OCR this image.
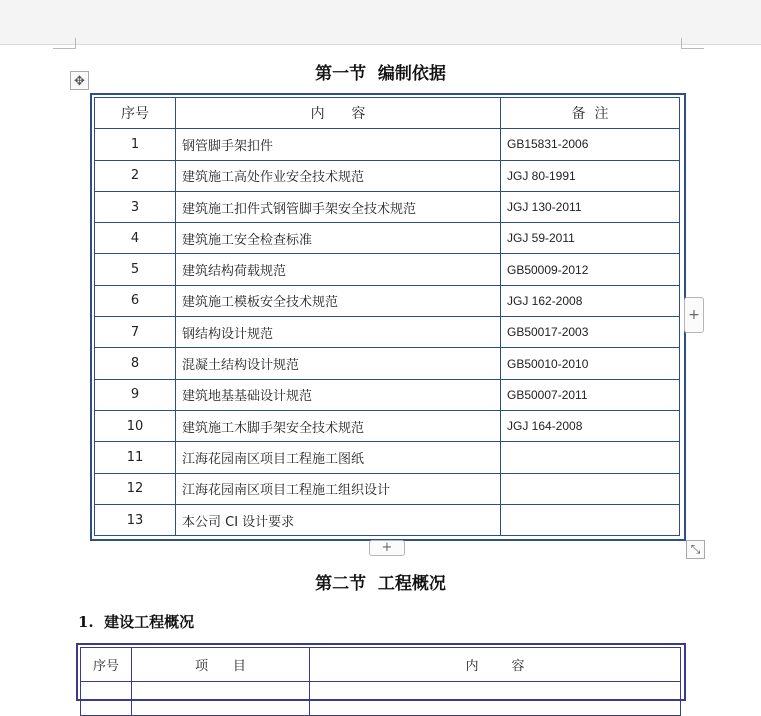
第一节  编制依据
✥
序号	内      容	备  注
1	钢管脚手架扣件	GB15831-2006
2	建筑施工高处作业安全技术规范	JGJ 80-1991
3	建筑施工扣件式钢管脚手架安全技术规范	JGJ 130-2011
4	建筑施工安全检查标准	JGJ 59-2011
5	建筑结构荷载规范	GB50009-2012
6	建筑施工模板安全技术规范	JGJ 162-2008
7	钢结构设计规范	GB50017-2003
8	混凝土结构设计规范	GB50010-2010
9	建筑地基基础设计规范	GB50007-2011
10	建筑施工木脚手架安全技术规范	JGJ 164-2008
11	江海花园南区项目工程施工图纸	
12	江海花园南区项目工程施工组织设计	
13	本公司 CI 设计要求	
+
+	⤡
第二节  工程概况
1.  建设工程概况
序号	项      目	内        容
